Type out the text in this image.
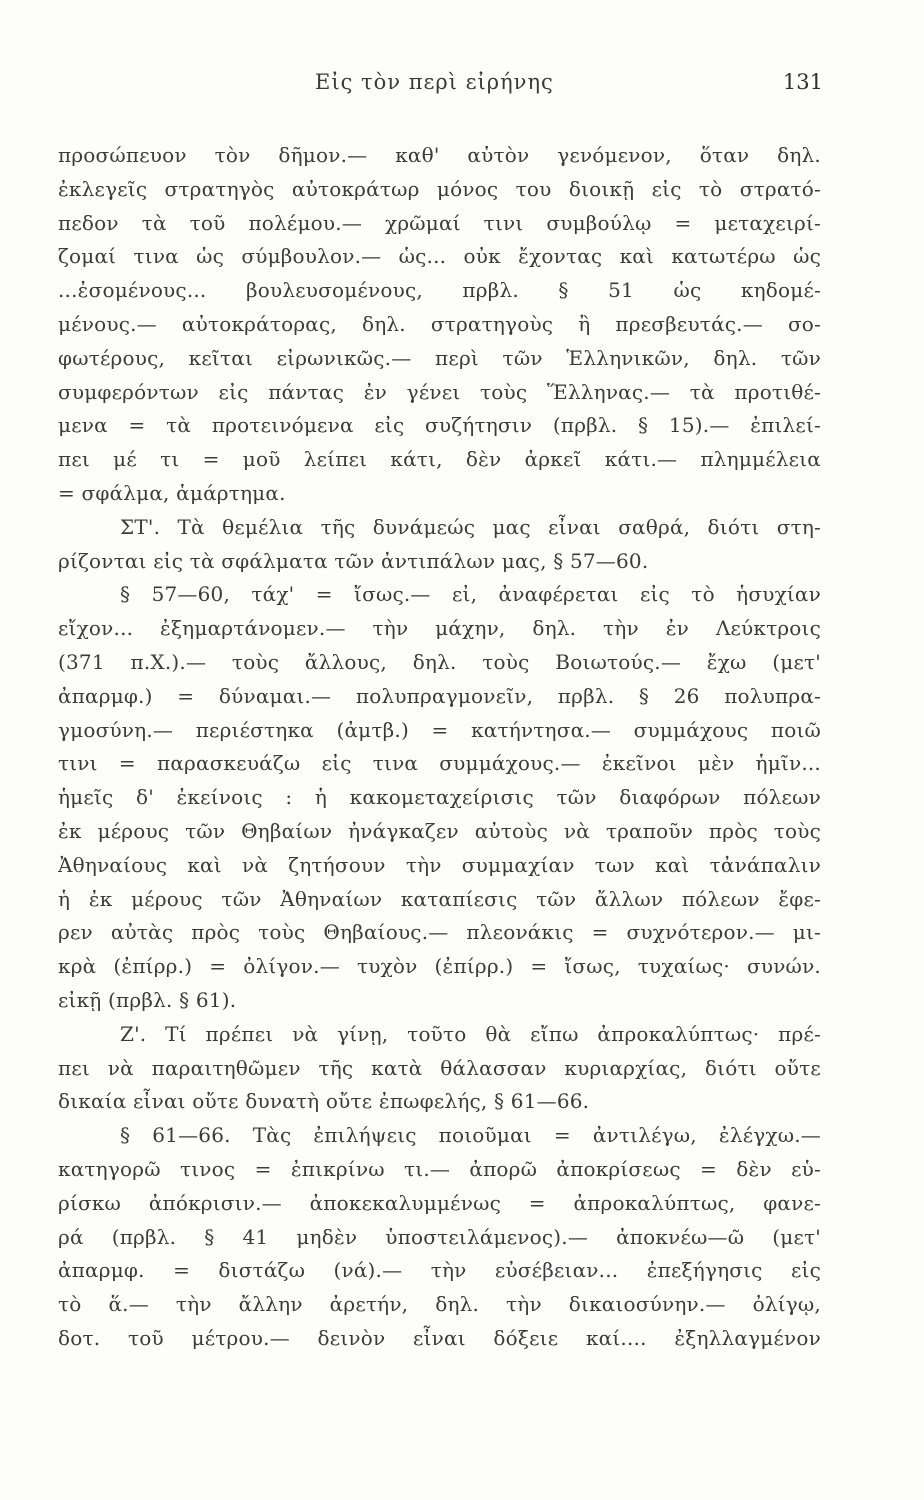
Εἰς τὸν περὶ εἰρήνης	131
προσώπευον τὸν δῆμον.— καθ' αὑτὸν γενόμενον, ὅταν δηλ.
ἐκλεγεῖς στρατηγὸς αὐτοκράτωρ μόνος του διοικῇ εἰς τὸ στρατό-
πεδον τὰ τοῦ πολέμου.— χρῶμαί τινι συμβούλῳ = μεταχειρί-
ζομαί τινα ὡς σύμβουλον.— ὡς... οὐκ ἔχοντας καὶ κατωτέρω ὡς
...ἐσομένους... βουλευσομένους, πρβλ. § 51 ὡς κηδομέ-
μένους.— αὐτοκράτορας, δηλ. στρατηγοὺς ἢ πρεσβευτάς.— σο-
φωτέρους, κεῖται εἰρωνικῶς.— περὶ τῶν Ἑλληνικῶν, δηλ. τῶν
συμφερόντων εἰς πάντας ἐν γένει τοὺς Ἕλληνας.— τὰ προτιθέ-
μενα = τὰ προτεινόμενα εἰς συζήτησιν (πρβλ. § 15).— ἐπιλεί-
πει μέ τι = μοῦ λείπει κάτι, δὲν ἀρκεῖ κάτι.— πλημμέλεια
= σφάλμα, ἁμάρτημα.
ΣΤ'. Τὰ θεμέλια τῆς δυνάμεώς μας εἶναι σαθρά, διότι στη-
ρίζονται εἰς τὰ σφάλματα τῶν ἀντιπάλων μας, § 57—60.
§ 57—60, τάχ' = ἴσως.— εἰ, ἀναφέρεται εἰς τὸ ἡσυχίαν
εἴχον... ἐξημαρτάνομεν.— τὴν μάχην, δηλ. τὴν ἐν Λεύκτροις
(371 π.Χ.).— τοὺς ἄλλους, δηλ. τοὺς Βοιωτούς.— ἔχω (μετ'
ἀπαρμφ.) = δύναμαι.— πολυπραγμονεῖν, πρβλ. § 26 πολυπρα-
γμοσύνη.— περιέστηκα (ἀμτβ.) = κατήντησα.— συμμάχους ποιῶ
τινι = παρασκευάζω εἰς τινα συμμάχους.— ἐκεῖνοι μὲν ἡμῖν...
ἡμεῖς δ' ἐκείνοις : ἡ κακομεταχείρισις τῶν διαφόρων πόλεων
ἐκ μέρους τῶν Θηβαίων ἠνάγκαζεν αὐτοὺς νὰ τραποῦν πρὸς τοὺς
Ἀθηναίους καὶ νὰ ζητήσουν τὴν συμμαχίαν των καὶ τἀνάπαλιν
ἡ ἐκ μέρους τῶν Ἀθηναίων καταπίεσις τῶν ἄλλων πόλεων ἔφε-
ρεν αὐτὰς πρὸς τοὺς Θηβαίους.— πλεονάκις = συχνότερον.— μι-
κρὰ (ἐπίρρ.) = ὀλίγον.— τυχὸν (ἐπίρρ.) = ἴσως, τυχαίως· συνών.
εἰκῇ (πρβλ. § 61).
Ζ'. Τί πρέπει νὰ γίνῃ, τοῦτο θὰ εἴπω ἀπροκαλύπτως· πρέ-
πει νὰ παραιτηθῶμεν τῆς κατὰ θάλασσαν κυριαρχίας, διότι οὔτε
δικαία εἶναι οὔτε δυνατὴ οὔτε ἐπωφελής, § 61—66.
§ 61—66. Τὰς ἐπιλήψεις ποιοῦμαι = ἀντιλέγω, ἐλέγχω.—
κατηγορῶ τινος = ἐπικρίνω τι.— ἀπορῶ ἀποκρίσεως = δὲν εὑ-
ρίσκω ἀπόκρισιν.— ἀποκεκαλυμμένως = ἀπροκαλύπτως, φανε-
ρά (πρβλ. § 41 μηδὲν ὑποστειλάμενος).— ἀποκνέω—ῶ (μετ'
ἀπαρμφ. = διστάζω (νά).— τὴν εὐσέβειαν... ἐπεξήγησις εἰς
τὸ ἅ.— τὴν ἄλλην ἀρετήν, δηλ. τὴν δικαιοσύνην.— ὀλίγῳ,
δοτ. τοῦ μέτρου.— δεινὸν εἶναι δόξειε καί.... ἐξηλλαγμένον
